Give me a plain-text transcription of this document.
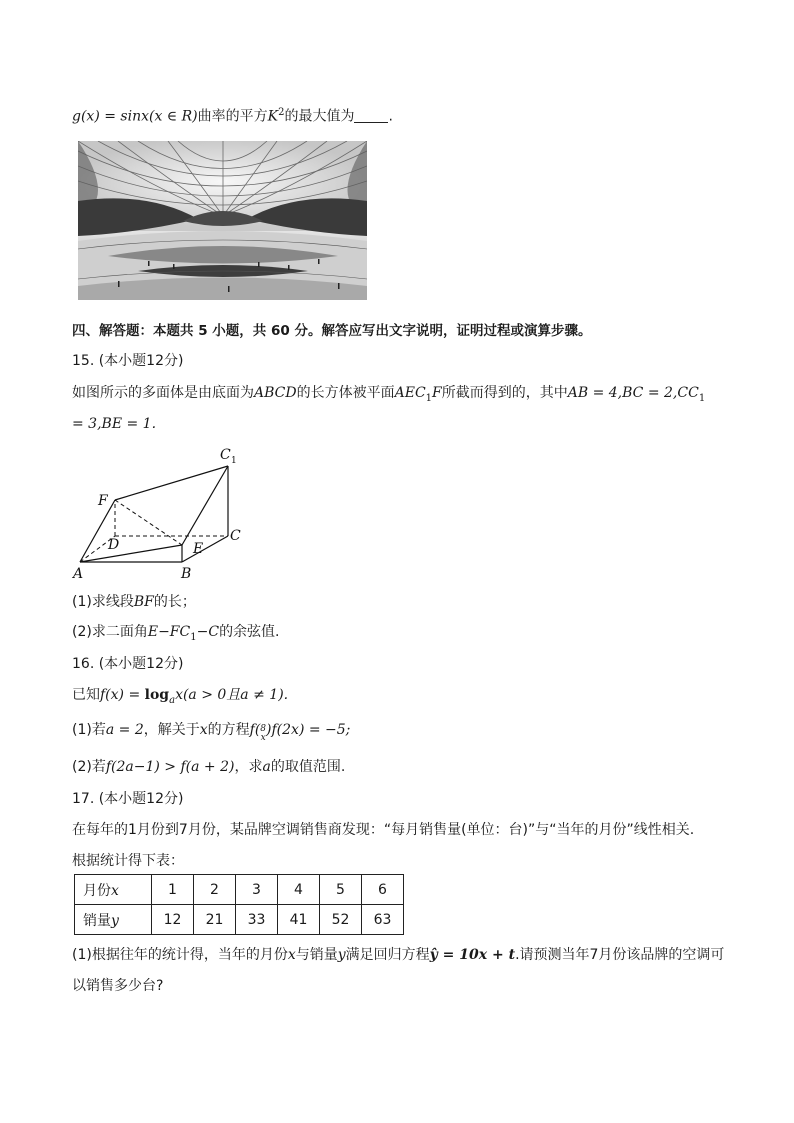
g(x) = sinx(x ∈ R)曲率的平方$K^2$的最大值为 .
四、解答题：本题共 5 小题，共 60 分。解答应写出文字说明，证明过程或演算步骤。
15. (本小题12分)
如图所示的多面体是由底面为ABCD的长方体被平面$AEC_1F$所截而得到的，其中AB = $4,BC = 2,CC_1$
= 3,BE = 1.
C 1
F
D	E
C
A	B
(1)求线段BF的长；
(2)求二面角$E-FC_1-C$的余弦值.
16. (本小题12分)
已知$f(x) = \log_ax(a > 0$且a ≠ 1).
(1)若a = 2，解关于x的方程f( 8
x )f(2x) = −5;
(2)若f(2a−1) > f(a + 2)，求a的取值范围.
17. (本小题12分)
在每年的1月份到7月份，某品牌空调销售商发现：“每月销售量(单位：台)”与“当年的月份”线性相关.
根据统计得下表：
月份x	1	2	3	4	5	6
销量y	12	21	33	41	52	63
(1)根据往年的统计得，当年的月份x与销量y满足回归方程ŷ = 10x + t.请预测当年7月份该品牌的空调可
以销售多少台?
